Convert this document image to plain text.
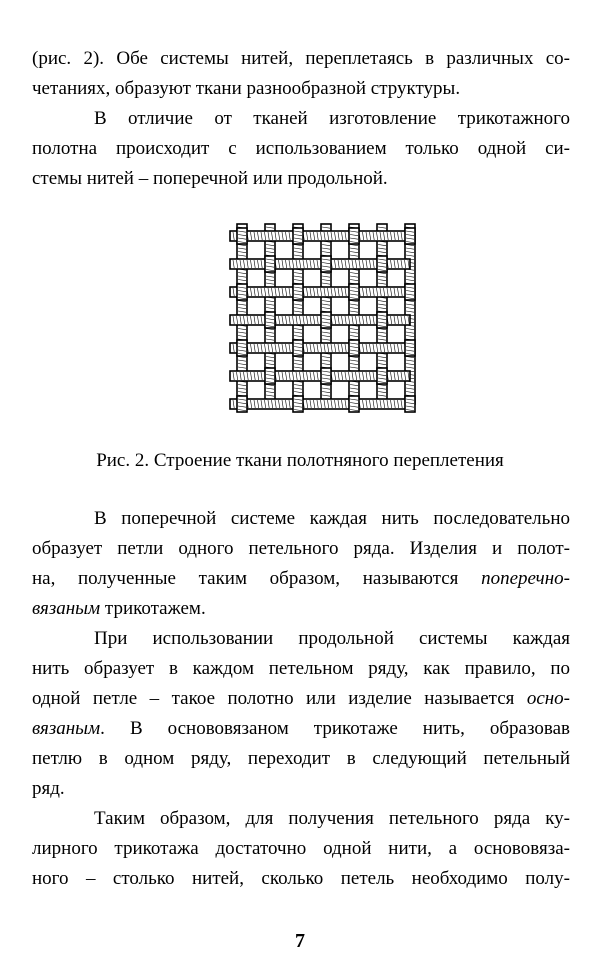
(рис. 2). Обе системы нитей, переплетаясь в различных со-
четаниях, образуют ткани разнообразной структуры.
В отличие от тканей изготовление трикотажного
полотна происходит с использованием только одной си-
стемы нитей – поперечной или продольной.
Рис. 2. Строение ткани полотняного переплетения
В поперечной системе каждая нить последовательно
образует петли одного петельного ряда. Изделия и полот-
на, полученные таким образом, называются поперечно-
вязаным трикотажем.
При использовании продольной системы каждая
нить образует в каждом петельном ряду, как правило, по
одной петле – такое полотно или изделие называется осно-
вязаным. В основовязаном трикотаже нить, образовав
петлю в одном ряду, переходит в следующий петельный
ряд.
Таким образом, для получения петельного ряда ку-
лирного трикотажа достаточно одной нити, а основовяза-
ного – столько нитей, сколько петель необходимо полу-
7
